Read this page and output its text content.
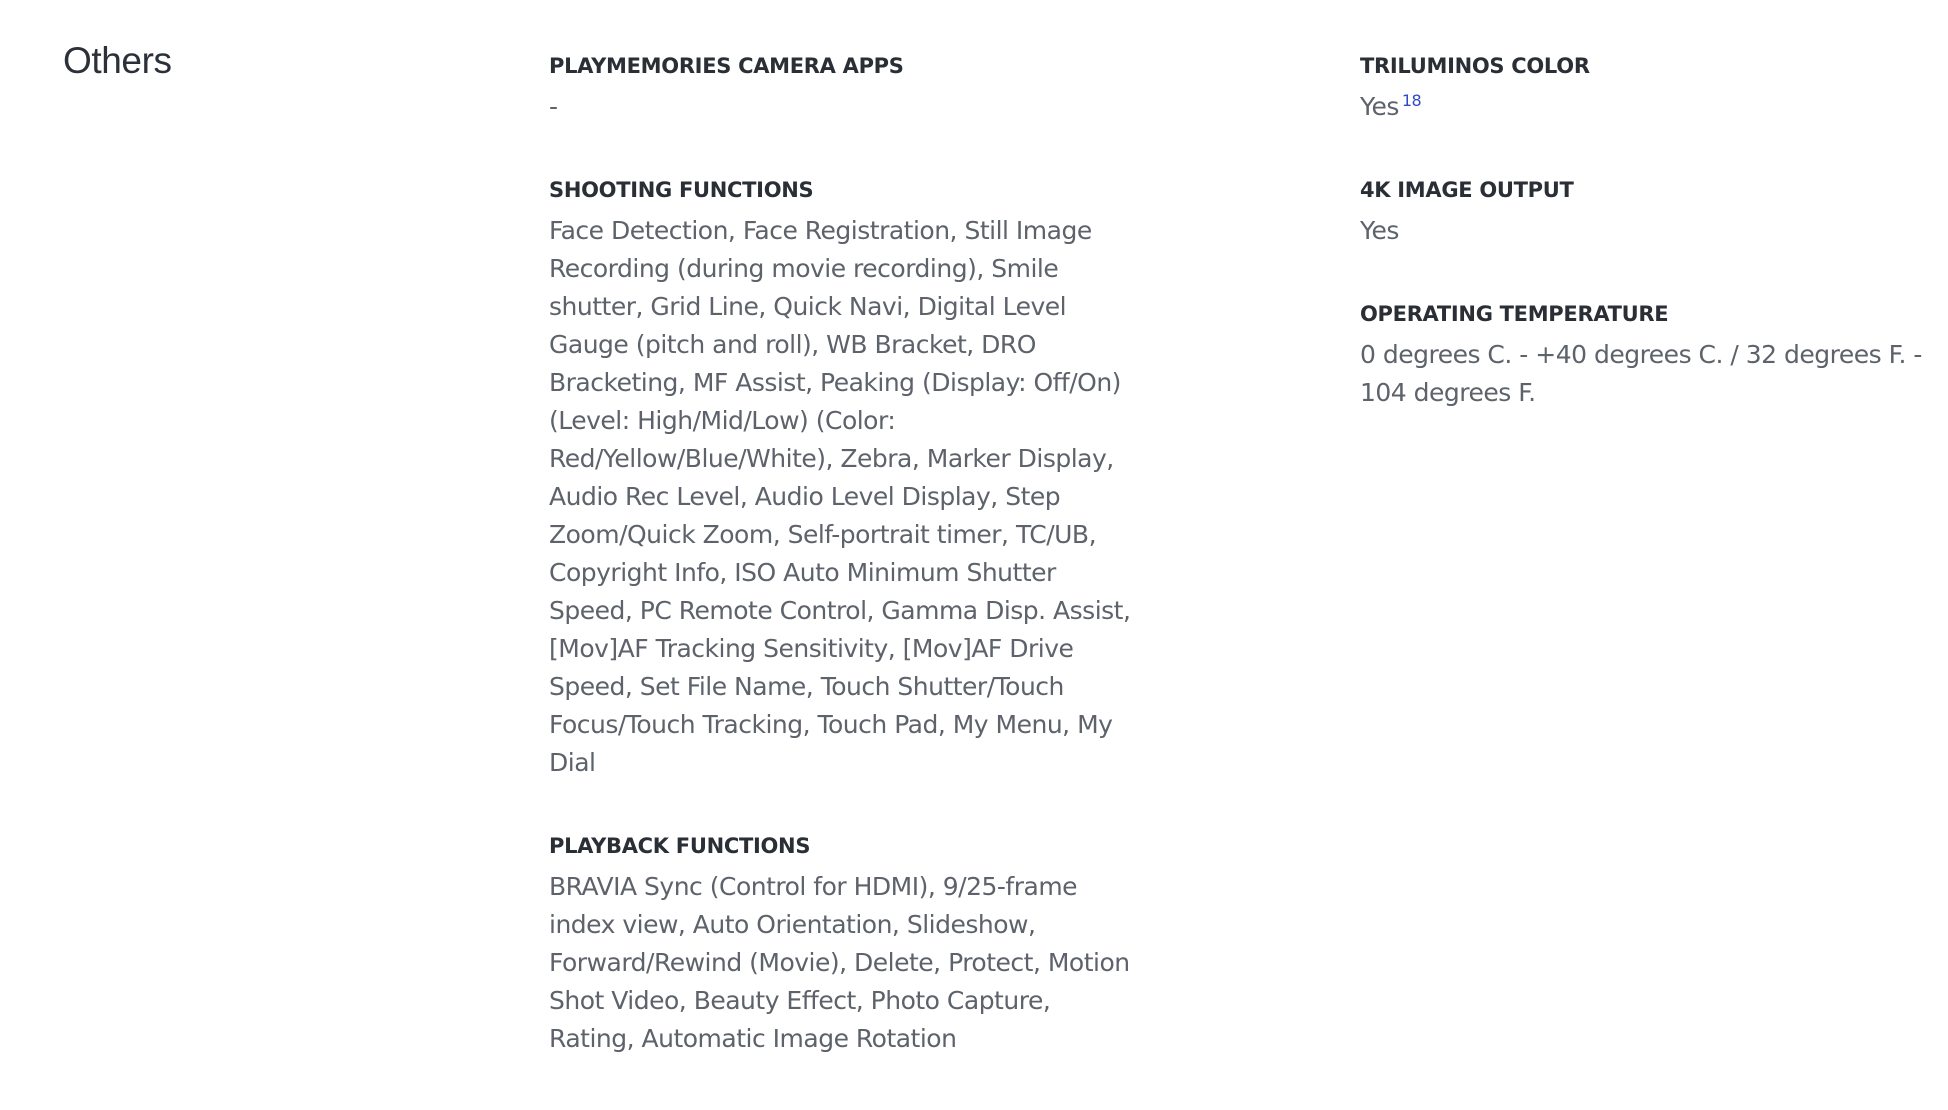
Others	PLAYMEMORIES CAMERA APPS

-

SHOOTING FUNCTIONS

Face Detection, Face Registration, Still Image Recording (during movie recording), Smile shutter, Grid Line, Quick Navi, Digital Level Gauge (pitch and roll), WB Bracket, DRO Bracketing, MF Assist, Peaking (Display: Off/On) (Level: High/Mid/Low) (Color: Red/Yellow/Blue/White), Zebra, Marker Display, Audio Rec Level, Audio Level Display, Step Zoom/Quick Zoom, Self-portrait timer, TC/UB, Copyright Info, ISO Auto Minimum Shutter Speed, PC Remote Control, Gamma Disp. Assist, [Mov]AF Tracking Sensitivity, [Mov]AF Drive Speed, Set File Name, Touch Shutter/Touch Focus/Touch Tracking, Touch Pad, My Menu, My Dial

PLAYBACK FUNCTIONS

BRAVIA Sync (Control for HDMI), 9/25-frame index view, Auto Orientation, Slideshow, Forward/Rewind (Movie), Delete, Protect, Motion Shot Video, Beauty Effect, Photo Capture, Rating, Automatic Image Rotation

TRILUMINOS COLOR

Yes $^{18}$

4K IMAGE OUTPUT

Yes

OPERATING TEMPERATURE

0 degrees C. - +40 degrees C. / 32 degrees F. - 104 degrees F.
